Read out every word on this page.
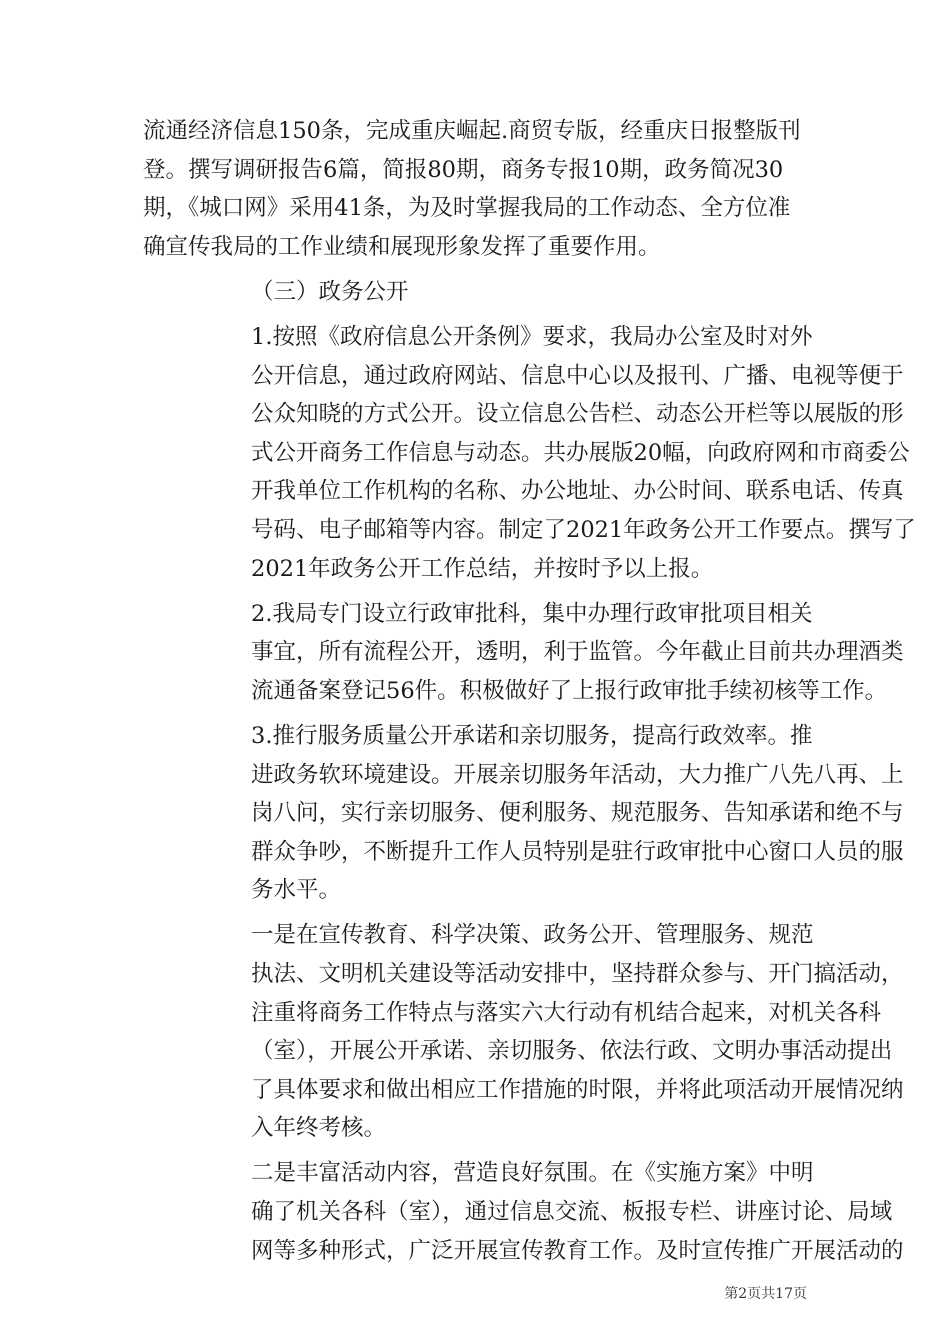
流通经济信息150条，完成重庆崛起.商贸专版，经重庆日报整版刊
登。撰写调研报告6篇，简报80期，商务专报10期，政务简况30
期，《城口网》采用41条，为及时掌握我局的工作动态、全方位准
确宣传我局的工作业绩和展现形象发挥了重要作用。

（三）政务公开

1.按照《政府信息公开条例》要求，我局办公室及时对外
公开信息，通过政府网站、信息中心以及报刊、广播、电视等便于
公众知晓的方式公开。设立信息公告栏、动态公开栏等以展版的形
式公开商务工作信息与动态。共办展版20幅，向政府网和市商委公
开我单位工作机构的名称、办公地址、办公时间、联系电话、传真
号码、电子邮箱等内容。制定了2021年政务公开工作要点。撰写了
2021年政务公开工作总结，并按时予以上报。

2.我局专门设立行政审批科，集中办理行政审批项目相关
事宜，所有流程公开，透明，利于监管。今年截止目前共办理酒类
流通备案登记56件。积极做好了上报行政审批手续初核等工作。

3.推行服务质量公开承诺和亲切服务，提高行政效率。推
进政务软环境建设。开展亲切服务年活动，大力推广八先八再、上
岗八问，实行亲切服务、便利服务、规范服务、告知承诺和绝不与
群众争吵，不断提升工作人员特别是驻行政审批中心窗口人员的服
务水平。

一是在宣传教育、科学决策、政务公开、管理服务、规范
执法、文明机关建设等活动安排中，坚持群众参与、开门搞活动，
注重将商务工作特点与落实六大行动有机结合起来，对机关各科
（室），开展公开承诺、亲切服务、依法行政、文明办事活动提出
了具体要求和做出相应工作措施的时限，并将此项活动开展情况纳
入年终考核。

二是丰富活动内容，营造良好氛围。在《实施方案》中明
确了机关各科（室），通过信息交流、板报专栏、讲座讨论、局域
网等多种形式，广泛开展宣传教育工作。及时宣传推广开展活动的

第2页共17页
